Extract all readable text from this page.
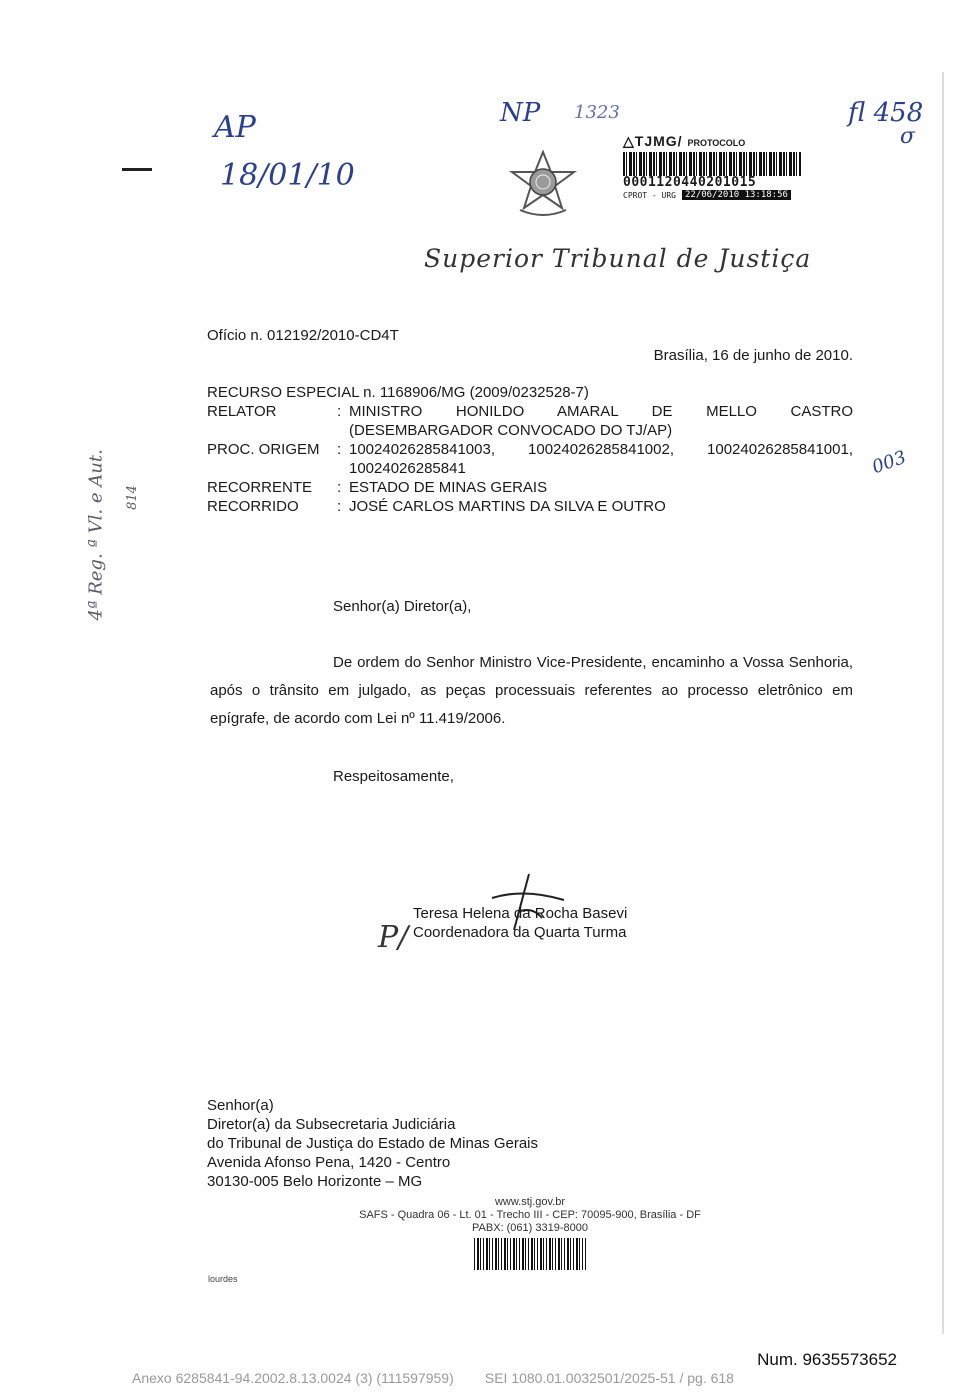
AP
18/01/10
NP 1323	fl 458
σ
003
4ª Reg. ª Vl. e Aut. 814
P/
Superior Tribunal de Justiça
△TJMG/ PROTOCOLO
0001120440201015
CPROT - URG	22/06/2010 13:18:56
Ofício n. 012192/2010-CD4T
Brasília, 16 de junho de 2010.
RECURSO ESPECIAL n. 1168906/MG (2009/0232528-7)
RELATOR	: MINISTRO HONILDO AMARAL DE MELLO CASTRO (DESEMBARGADOR CONVOCADO DO TJ/AP)
PROC. ORIGEM	: 10024026285841003, 10024026285841002, 10024026285841001, 10024026285841
RECORRENTE	: ESTADO DE MINAS GERAIS
RECORRIDO	: JOSÉ CARLOS MARTINS DA SILVA E OUTRO
Senhor(a) Diretor(a),
De ordem do Senhor Ministro Vice-Presidente, encaminho a Vossa Senhoria, após o trânsito em julgado, as peças processuais referentes ao processo eletrônico em epígrafe, de acordo com Lei nº 11.419/2006.
Respeitosamente,
Teresa Helena da Rocha Basevi
Coordenadora da Quarta Turma
Senhor(a)
Diretor(a) da Subsecretaria Judiciária
do Tribunal de Justiça do Estado de Minas Gerais
Avenida Afonso Pena, 1420 - Centro
30130-005 Belo Horizonte – MG
www.stj.gov.br
SAFS - Quadra 06 - Lt. 01 - Trecho III - CEP: 70095-900, Brasília - DF
PABX: (061) 3319-8000
lourdes
Num. 9635573652
Anexo 6285841-94.2002.8.13.0024 (3) (111597959)        SEI 1080.01.0032501/2025-51 / pg. 618
